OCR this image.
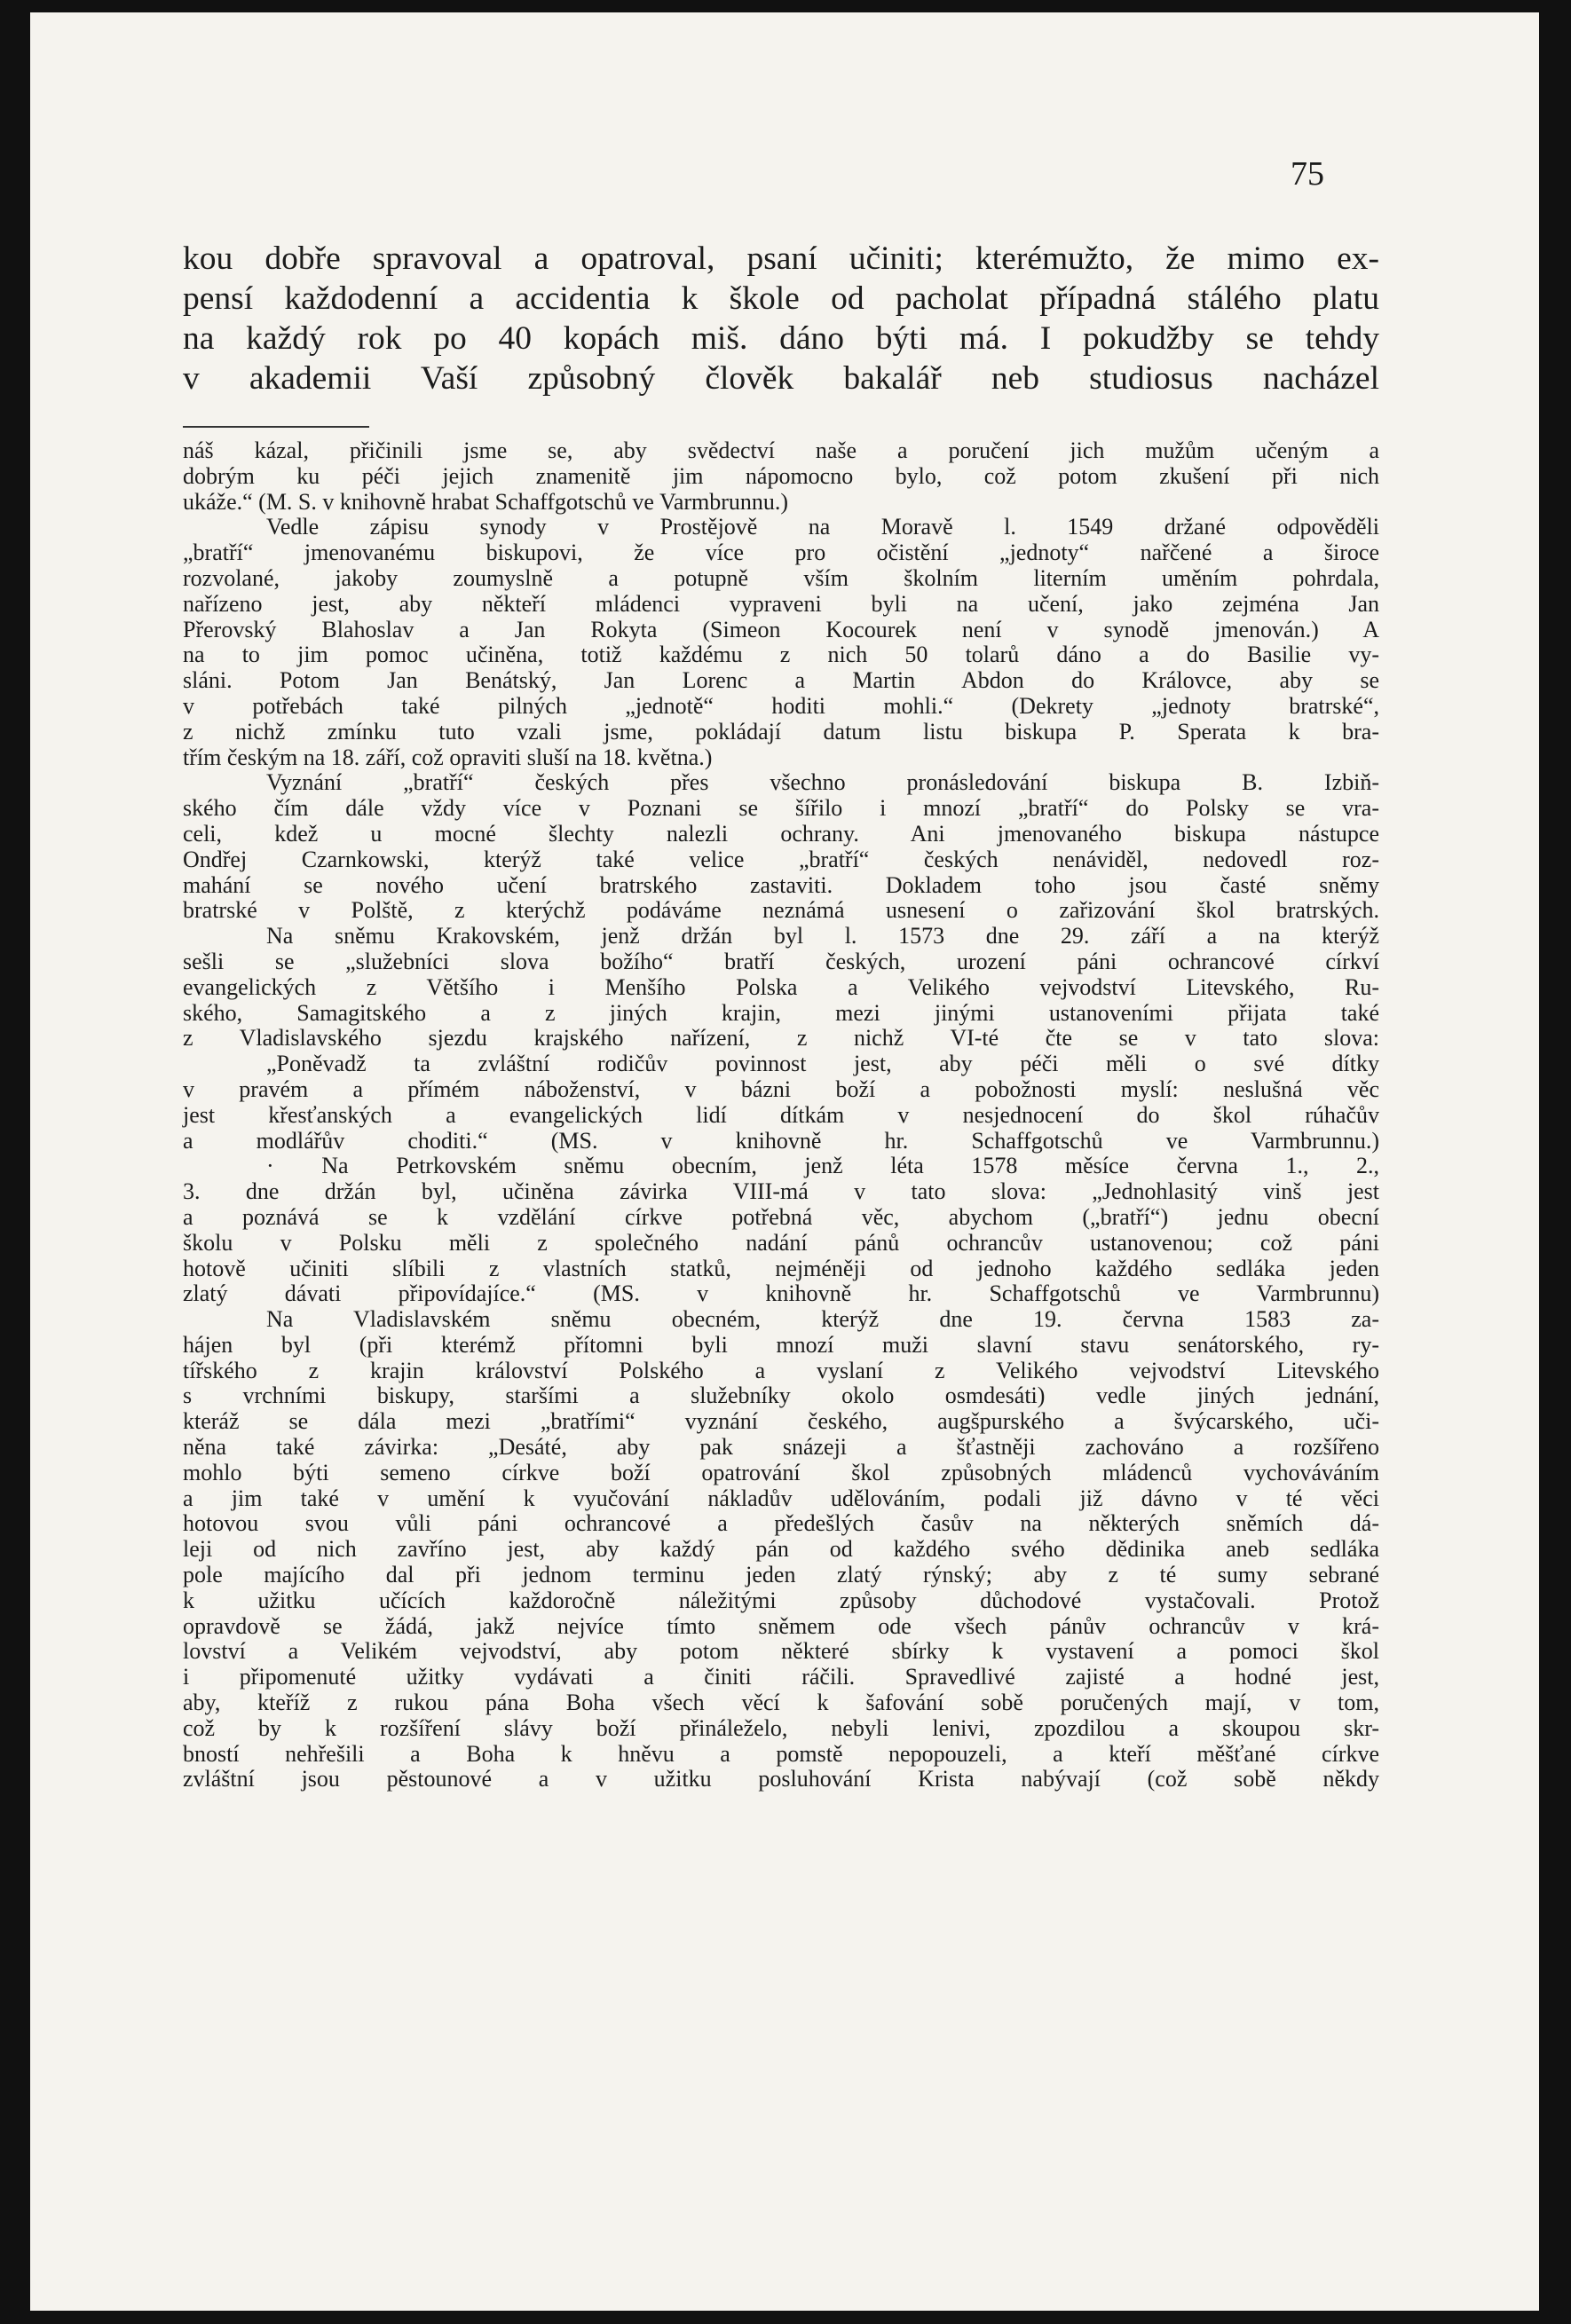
75
kou dobře spravoval a opatroval, psaní učiniti; kterémužto, že mimo ex-
pensí každodenní a accidentia k škole od pacholat případná stálého platu
na každý rok po 40 kopách miš. dáno býti má. I pokudžby se tehdy
v akademii Vaší způsobný člověk bakalář neb studiosus nacházel
náš kázal, přičinili jsme se, aby svědectví naše a poručení jich mužům učeným a
dobrým ku péči jejich znamenitě jim nápomocno bylo, což potom zkušení při nich
ukáže.“ (M. S. v knihovně hrabat Schaffgotschů ve Varmbrunnu.)
Vedle zápisu synody v Prostějově na Moravě l. 1549 držané odpověděli
„bratří“ jmenovanému biskupovi, že více pro očistění „jednoty“ nařčené a široce
rozvolané, jakoby zoumyslně a potupně vším školním literním uměním pohrdala,
nařízeno jest, aby někteří mládenci vypraveni byli na učení, jako zejména Jan
Přerovský Blahoslav a Jan Rokyta (Simeon Kocourek není v synodě jmenován.) A
na to jim pomoc učiněna, totiž každému z nich 50 tolarů dáno a do Basilie vy-
sláni. Potom Jan Benátský, Jan Lorenc a Martin Abdon do Královce, aby se
v potřebách také pilných „jednotě“ hoditi mohli.“ (Dekrety „jednoty bratrské“,
z nichž zmínku tuto vzali jsme, pokládají datum listu biskupa P. Sperata k bra-
třím českým na 18. září, což opraviti sluší na 18. května.)
Vyznání „bratří“ českých přes všechno pronásledování biskupa B. Izbiň-
ského čím dále vždy více v Poznani se šířilo i mnozí „bratří“ do Polsky se vra-
celi, kdež u mocné šlechty nalezli ochrany. Ani jmenovaného biskupa nástupce
Ondřej Czarnkowski, kterýž také velice „bratří“ českých nenáviděl, nedovedl roz-
mahání se nového učení bratrského zastaviti. Dokladem toho jsou časté sněmy
bratrské v Polště, z kterýchž podáváme neznámá usnesení o zařizování škol bratrských.
Na sněmu Krakovském, jenž držán byl l. 1573 dne 29. září a na kterýž
sešli se „služebníci slova božího“ bratří českých, urození páni ochrancové církví
evangelických z Většího i Menšího Polska a Velikého vejvodství Litevského, Ru-
ského, Samagitského a z jiných krajin, mezi jinými ustanoveními přijata také
z Vladislavského sjezdu krajského nařízení, z nichž VI-té čte se v tato slova:
„Poněvadž ta zvláštní rodičův povinnost jest, aby péči měli o své dítky
v pravém a přímém náboženství, v bázni boží a pobožnosti myslí: neslušná věc
jest křesťanských a evangelických lidí dítkám v nesjednocení do škol rúhačův
a modlářův choditi.“ (MS. v knihovně hr. Schaffgotschů ve Varmbrunnu.)
· Na Petrkovském sněmu obecním, jenž léta 1578 měsíce června 1., 2.,
3. dne držán byl, učiněna závirka VIII-má v tato slova: „Jednohlasitý vinš jest
a poznává se k vzdělání církve potřebná věc, abychom („bratří“) jednu obecní
školu v Polsku měli z společného nadání pánů ochrancův ustanovenou; což páni
hotově učiniti slíbili z vlastních statků, nejméněji od jednoho každého sedláka jeden
zlatý dávati připovídajíce.“ (MS. v knihovně hr. Schaffgotschů ve Varmbrunnu)
Na Vladislavském sněmu obecném, kterýž dne 19. června 1583 za-
hájen byl (při kterémž přítomni byli mnozí muži slavní stavu senátorského, ry-
tířského z krajin království Polského a vyslaní z Velikého vejvodství Litevského
s vrchními biskupy, staršími a služebníky okolo osmdesáti) vedle jiných jednání,
kteráž se dála mezi „bratřími“ vyznání českého, augšpurského a švýcarského, uči-
něna také závirka: „Desáté, aby pak snázeji a šťastněji zachováno a rozšířeno
mohlo býti semeno církve boží opatrování škol způsobných mládenců vychováváním
a jim také v umění k vyučování nákladův udělováním, podali již dávno v té věci
hotovou svou vůli páni ochrancové a předešlých časův na některých sněmích dá-
leji od nich zavříno jest, aby každý pán od každého svého dědinika aneb sedláka
pole majícího dal při jednom terminu jeden zlatý rýnský; aby z té sumy sebrané
k užitku učících každoročně náležitými způsoby důchodové vystačovali. Protož
opravdově se žádá, jakž nejvíce tímto sněmem ode všech pánův ochrancův v krá-
lovství a Velikém vejvodství, aby potom některé sbírky k vystavení a pomoci škol
i připomenuté užitky vydávati a činiti ráčili. Spravedlivé zajisté a hodné jest,
aby, kteříž z rukou pána Boha všech věcí k šafování sobě poručených mají, v tom,
což by k rozšíření slávy boží přináleželo, nebyli lenivi, zpozdilou a skoupou skr-
bností nehřešili a Boha k hněvu a pomstě nepopouzeli, a kteří měšťané církve
zvláštní jsou pěstounové a v užitku posluhování Krista nabývají (což sobě někdy
